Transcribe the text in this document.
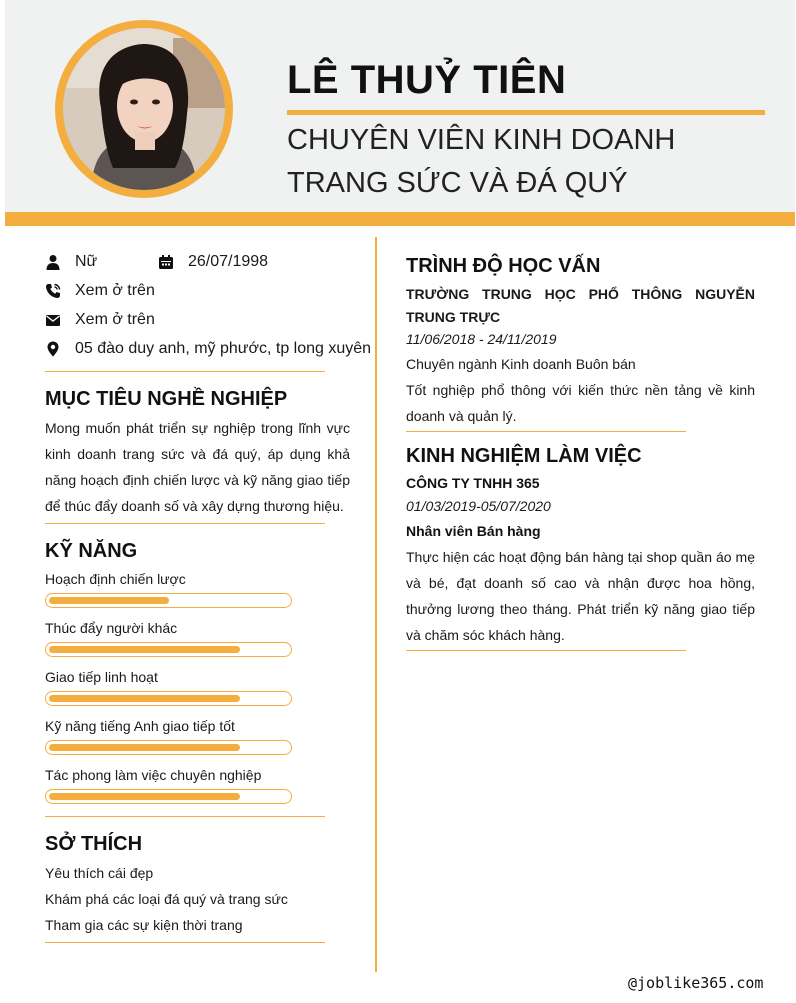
LÊ THUỶ TIÊN
CHUYÊN VIÊN KINH DOANH
TRANG SỨC VÀ ĐÁ QUÝ
Nữ	26/07/1998
Xem ở trên
Xem ở trên
05 đào duy anh, mỹ phước, tp long xuyên
MỤC TIÊU NGHỀ NGHIỆP
Mong muốn phát triển sự nghiệp trong lĩnh vực kinh doanh trang sức và đá quý, áp dụng khả năng hoạch định chiến lược và kỹ năng giao tiếp để thúc đẩy doanh số và xây dựng thương hiệu.
KỸ NĂNG
Hoạch định chiến lược
Thúc đẩy người khác
Giao tiếp linh hoạt
Kỹ năng tiếng Anh giao tiếp tốt
Tác phong làm việc chuyên nghiệp
SỞ THÍCH
Yêu thích cái đẹp
Khám phá các loại đá quý và trang sức
Tham gia các sự kiện thời trang
TRÌNH ĐỘ HỌC VẤN
TRƯỜNG TRUNG HỌC PHỔ THÔNG NGUYỄN TRUNG TRỰC
11/06/2018 - 24/11/2019
Chuyên ngành Kinh doanh Buôn bán
Tốt nghiệp phổ thông với kiến thức nền tảng về kinh doanh và quản lý.
KINH NGHIỆM LÀM VIỆC
CÔNG TY TNHH 365
01/03/2019-05/07/2020
Nhân viên Bán hàng
Thực hiện các hoạt động bán hàng tại shop quần áo mẹ và bé, đạt doanh số cao và nhận được hoa hồng, thưởng lương theo tháng. Phát triển kỹ năng giao tiếp và chăm sóc khách hàng.
@joblike365.com
